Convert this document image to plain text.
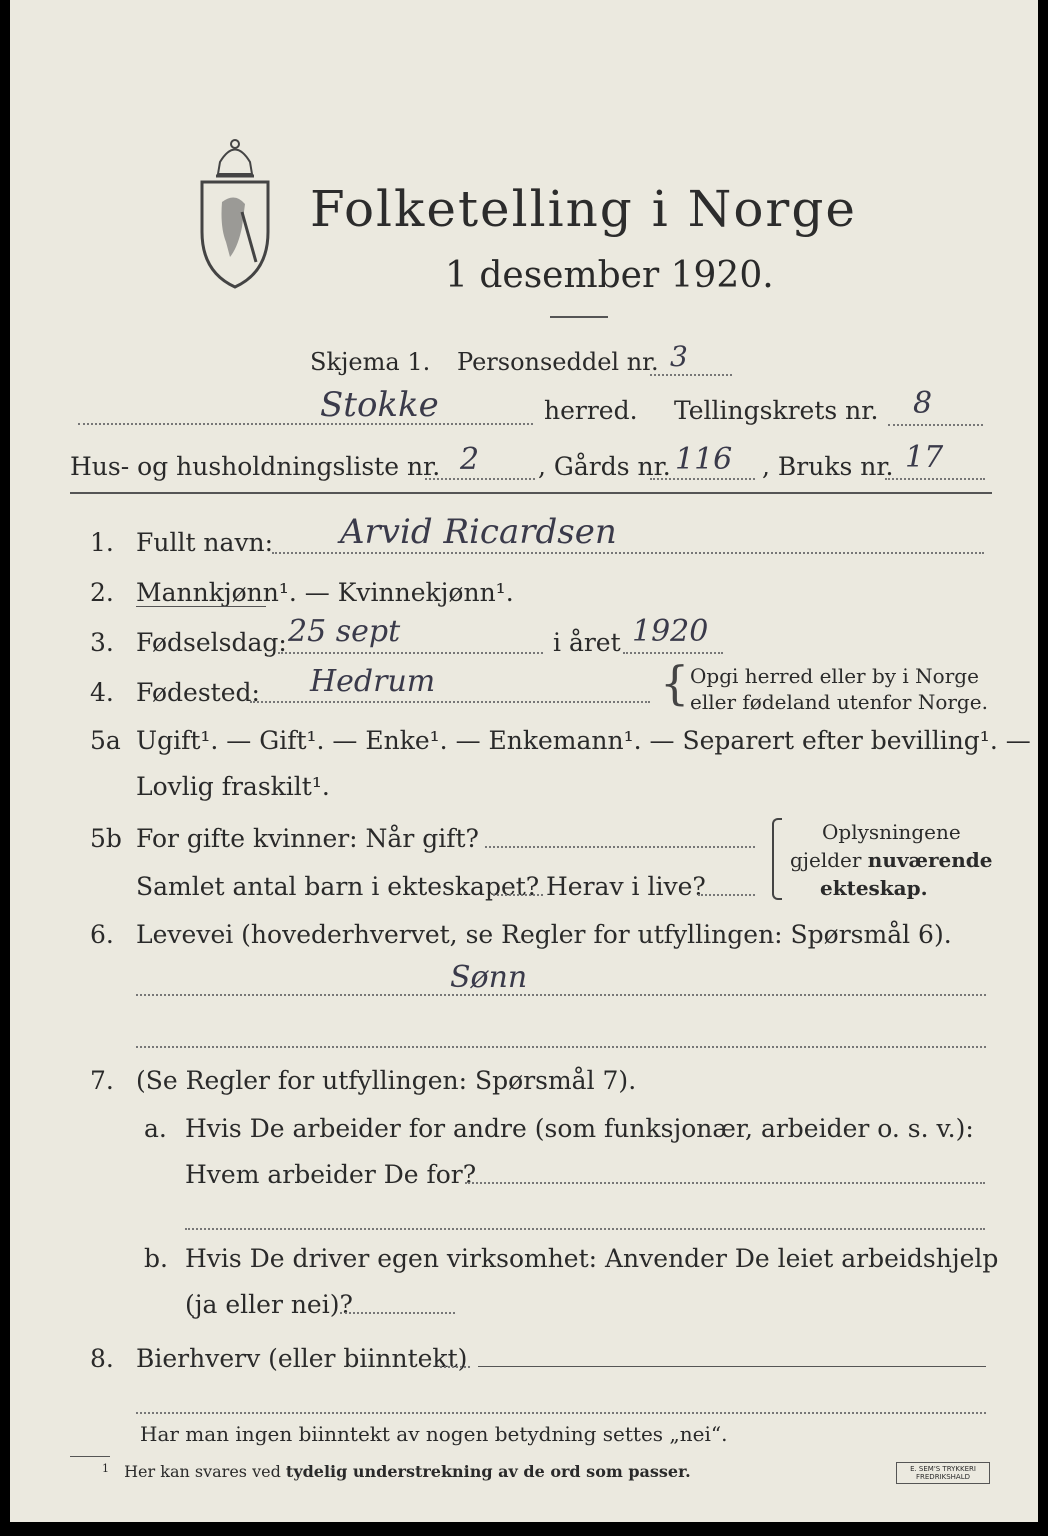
Folketelling i Norge
1 desember 1920.
Skjema 1. Personseddel nr. 3
Stokke	herred. Tellingskrets nr. 8
Hus- og husholdningsliste nr. 2 , Gårds nr. 116 , Bruks nr. 17
1. Fullt navn: Arvid Ricardsen
2. Mannkjønn¹. — Kvinnekjønn¹.
3. Fødselsdag: 25 sept	i året 1920
4. Fødested: Hedrum	{ Opgi herred eller by i Norge
eller fødeland utenfor Norge.
5a Ugift¹. — Gift¹. — Enke¹. — Enkemann¹. — Separert efter bevilling¹. —
Lovlig fraskilt¹.
5b For gifte kvinner: Når gift?
Samlet antal barn i ekteskapet? Herav i live?
Oplysningene
gjelder nuværende
ekteskap.
6. Levevei (hovederhvervet, se Regler for utfyllingen: Spørsmål 6).
Sønn
7. (Se Regler for utfyllingen: Spørsmål 7).
a. Hvis De arbeider for andre (som funksjonær, arbeider o. s. v.):
Hvem arbeider De for?
b. Hvis De driver egen virksomhet: Anvender De leiet arbeidshjelp
(ja eller nei)?
8. Bierhverv (eller biinntekt)
Har man ingen biinntekt av nogen betydning settes „nei“.
$^1$ Her kan svares ved tydelig understrekning av de ord som passer.	E. SEM'S TRYKKERI
FREDRIKSHALD
